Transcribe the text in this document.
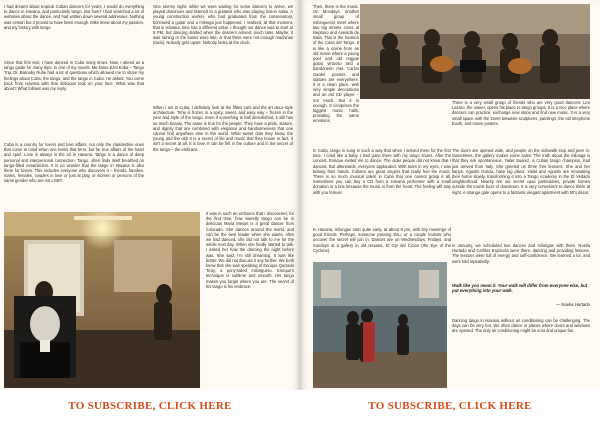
I had dreamt about tropical Cuban dancers for years. I would do everything to dance in Havana, and particularly tango. But how? I had searched a lot of websites about the dance, and had written down several addresses. Nothing was certain but it proved to have been enough. Mike knew about my passion, and my history with tango.

Since that first visit, I have danced in Cuba many times. Now, I attend as a tango guide for many trips. In one of my novels, Me llamo Ezel Koba – Tango Trip, Dr. Barnaby Ruhe had a lot of questions which allowed me to share my feelings about Cuba, the tango, and the tango in Cuba. He asked, You come back from Havana with that delicious look on your face. What was that about? What follows was my reply.

Cuba is a country for lovers and love affairs, not only the clandestine ones that come to mind when one hears that term, but for true affairs of the heart and spirit. Love is always in the air in Havana. Tango is a dance of deep personal and interpersonal connection. Tango, often finds itself breathed on tango-filled romanticism. It is no wonder that the tango in Havana is also there for lovers. This includes everyone who discovers it – friends, families, males, females, couples in love or just at play, or women or persons of the same gender who are not LGBT.

One stormy night, while we were waiting for some dancers to arrive, we played dominoes and listened to a guitarist who was playing fusion salsa. A young construction worker, who had graduated from the conservatory, borrowed a guitar and a milonga just happened. I realized, at that moment, that in Havana, time has a different value. I thought our dance was to start at 9 PM, but dancing started when the dancers arrived, much later. Maybe, it was raining or the buses were late, or that there were not enough machinas (taxis). Nobody gets upset. Nobody looks at the clock.

When I am in Cuba, I definitely look at the fifties cars and the art deco-style architecture. Time is frozen in a spicy, sweet, and easy way – frozen in the year and style of the tango. Even if something is half demolished, it still has so much beauty. The same is true for the people. They have a pride, stature, and dignity that are combined with elegance and handsomeness that one cannot find anywhere else in the world. What sweet dots they know, the young and the old! It is a secret of life and music that they know! In fact, it isn't a secret at all. It is love. It can be felt in the culture and in the secret of the tango – the embrace.

It was in such an embrace that I discovered, for the first time, how sweetly tango can be in delicious Maria Mesas is a great dancer from Colorado. She dances around the world, and can be the best leader when she wants. After we had danced, she did not talk to me for the whole next day. When she finally started to talk, I asked her how the dancing the night before was. She said, I'm still dreaming. It was like butter. We did not discuss it any further. We both knew that she was speaking of Enrique Quizado Tiray, a pony-tailed milonguero. Enrique's technique is sublime and smooth. His tango makes you forget where you are. The secret of his tango is his embrace.

Then, there is the music. On Mondays, another small group of milongueros meet where two big streets cross at Neptuno and Avenida de Italia. This is the location of the Casa del Tango. It is like a scene from an old movie where a young poet and old reggae guitar virtuoso and a bandoneón met. Carlos Gardel posters and statues are everywhere. It is a clean place, with very simple decorations and an old CD player – not much. But it is enough. It comprises the biggest music halls, providing the same emotions.

In Cuba, tango is sung in such a way that when I arrived there for the first time, I cried like a baby. I had gone there with my tango shoes. After the concert, Enrique invited me to dance. The older people did not know that I danced. But afterwards, everyone applauded. With tears in my eyes, I was kissing their hands. Cubans are great singers that really feel the music. There is so much musical talent in Cuba that one cannot grasp it all. Sometimes you can buy a CD from a Havana performer with a small donation in a box because the music is from the heart. The feeling will stay with you forever.

In Havana, milongas start quite early, at about 9 pm, with tiny meetings of good friends. Perhaps, someone passing thru, or a couple tourists who uncover the secret will join in. Dances are on Wednesdays, Fridays, and Sundays at a gallery in old Havana, El Ojo del Cicion (the Eye of the Cyclone).

There is a very small group of friends who are very good dancers: Leo Lazaro, the owner, opens his place to tango groups. It is a nice place where dancers can practice, exchange new steps and find new music. It is a very small space with the street between sculptures, paintings, the old telephone booth, and movie posters.

The doors are opened wide, and people on the sidewalk stop and peer in. Sometimes, the gallery makes some sales. The truth about the milonga is that they are spontaneous. Yailet Suarez, a Cuban tango champion, had just arrived from Italy. She greeted us three free lessons. She and her fiancé, Agustin Garcia, have big plans. Yailet and Agustin are renovating their home slowly, transforming it into a Tango Academy in the El Vedado neighborhood. Nearby are our secret casa particulares, private homes outside the tourist buzz of downtown. It is very convenient to dance there at night. A strange gate opens to a fantastic elegant apartment with 50's décor.

In January, we scheduled two dances and milongas with them. Noelia Hurtado and Carlitos Espinoza were there, dancing and providing lessons. The lessons were full of energy and self-confidence. We learned a lot, and were told repeatedly:

Walk like you mean it. Your walk will differ from everyone else, but put everything into your walk.

— Noelia Hurtado

Dancing tango in Havana without air conditioning can be challenging. The days can be very hot. We often dance in places where doors and windows are opened. The only air conditioning might be a lot and unique fan.

TO SUBSCRIBE, CLICK HERE	TO SUBSCRIBE, CLICK HERE
